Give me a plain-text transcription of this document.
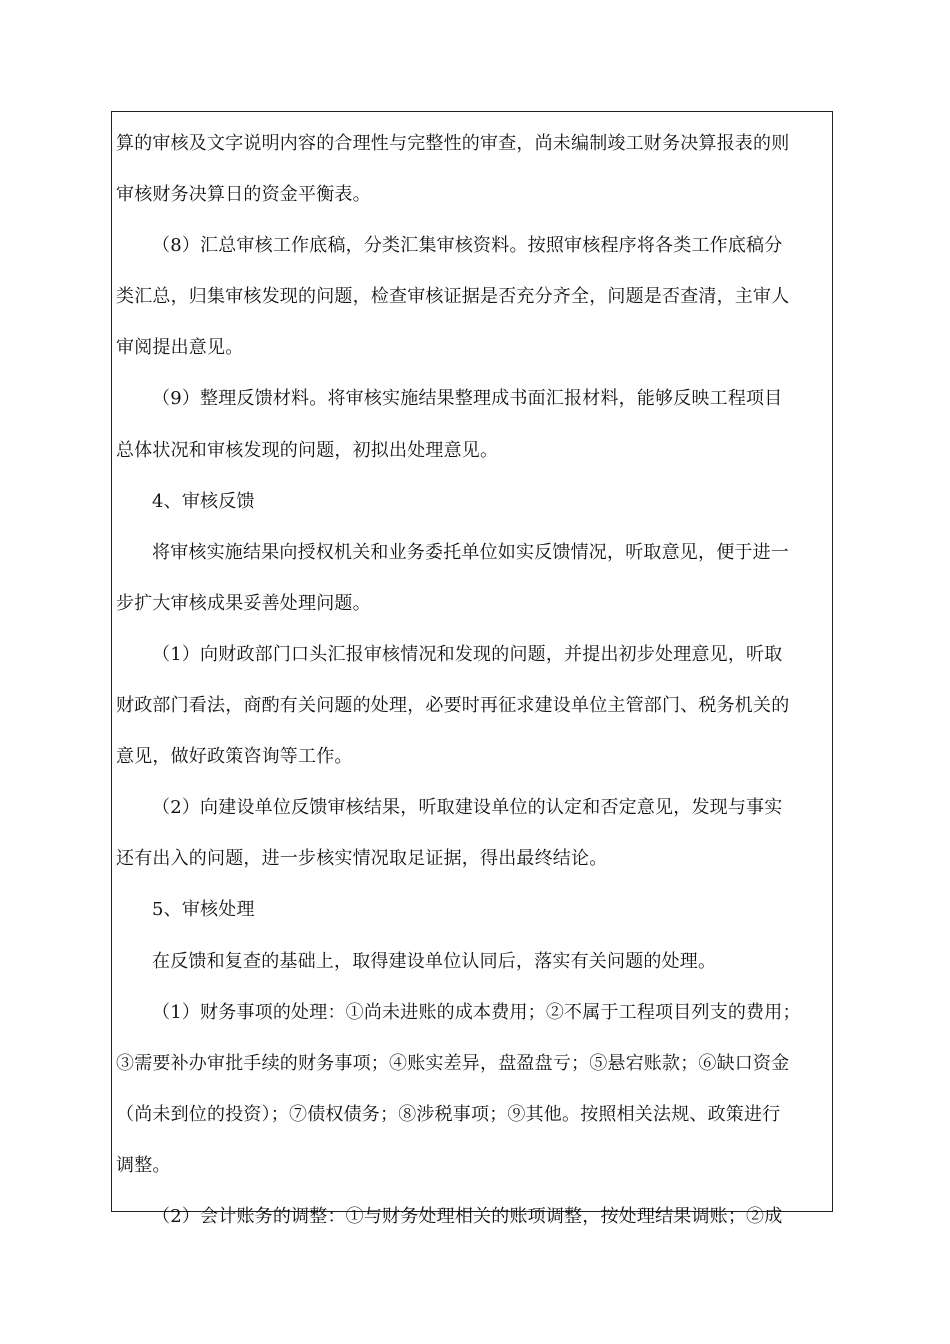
算的审核及文字说明内容的合理性与完整性的审查，尚未编制竣工财务决算报表的则
审核财务决算日的资金平衡表。
（8）汇总审核工作底稿，分类汇集审核资料。按照审核程序将各类工作底稿分
类汇总，归集审核发现的问题，检查审核证据是否充分齐全，问题是否查清，主审人
审阅提出意见。
（9）整理反馈材料。将审核实施结果整理成书面汇报材料，能够反映工程项目
总体状况和审核发现的问题，初拟出处理意见。
4、审核反馈
将审核实施结果向授权机关和业务委托单位如实反馈情况，听取意见，便于进一
步扩大审核成果妥善处理问题。
（1）向财政部门口头汇报审核情况和发现的问题，并提出初步处理意见，听取
财政部门看法，商酌有关问题的处理，必要时再征求建设单位主管部门、税务机关的
意见，做好政策咨询等工作。
（2）向建设单位反馈审核结果，听取建设单位的认定和否定意见，发现与事实
还有出入的问题，进一步核实情况取足证据，得出最终结论。
5、审核处理
在反馈和复查的基础上，取得建设单位认同后，落实有关问题的处理。
（1）财务事项的处理：①尚未进账的成本费用；②不属于工程项目列支的费用；
③需要补办审批手续的财务事项；④账实差异，盘盈盘亏；⑤悬宕账款；⑥缺口资金
（尚未到位的投资）；⑦债权债务；⑧涉税事项；⑨其他。按照相关法规、政策进行
调整。
（2）会计账务的调整：①与财务处理相关的账项调整，按处理结果调账；②成
